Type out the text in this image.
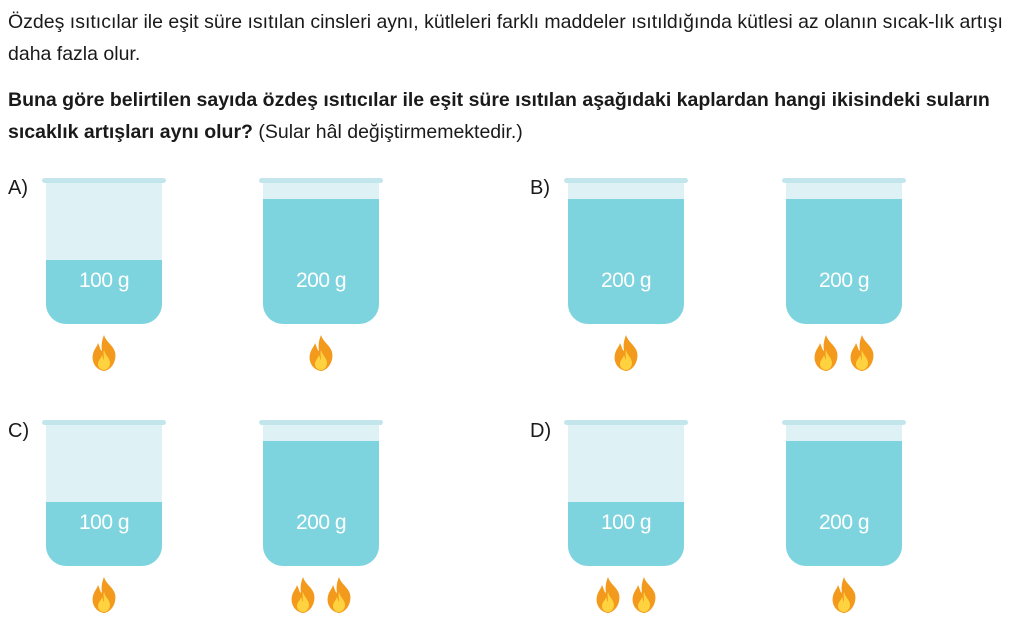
Özdeş ısıtıcılar ile eşit süre ısıtılan cinsleri aynı, kütleleri farklı maddeler ısıtıldığında kütlesi az olanın sıcak-lık artışı daha fazla olur.

Buna göre belirtilen sayıda özdeş ısıtıcılar ile eşit süre ısıtılan aşağıdaki kaplardan hangi ikisindeki suların sıcaklık artışları aynı olur? (Sular hâl değiştirmemektedir.)

A)
100 g	200 g
B)
200 g	200 g
C)
100 g	200 g
D)
100 g	200 g
